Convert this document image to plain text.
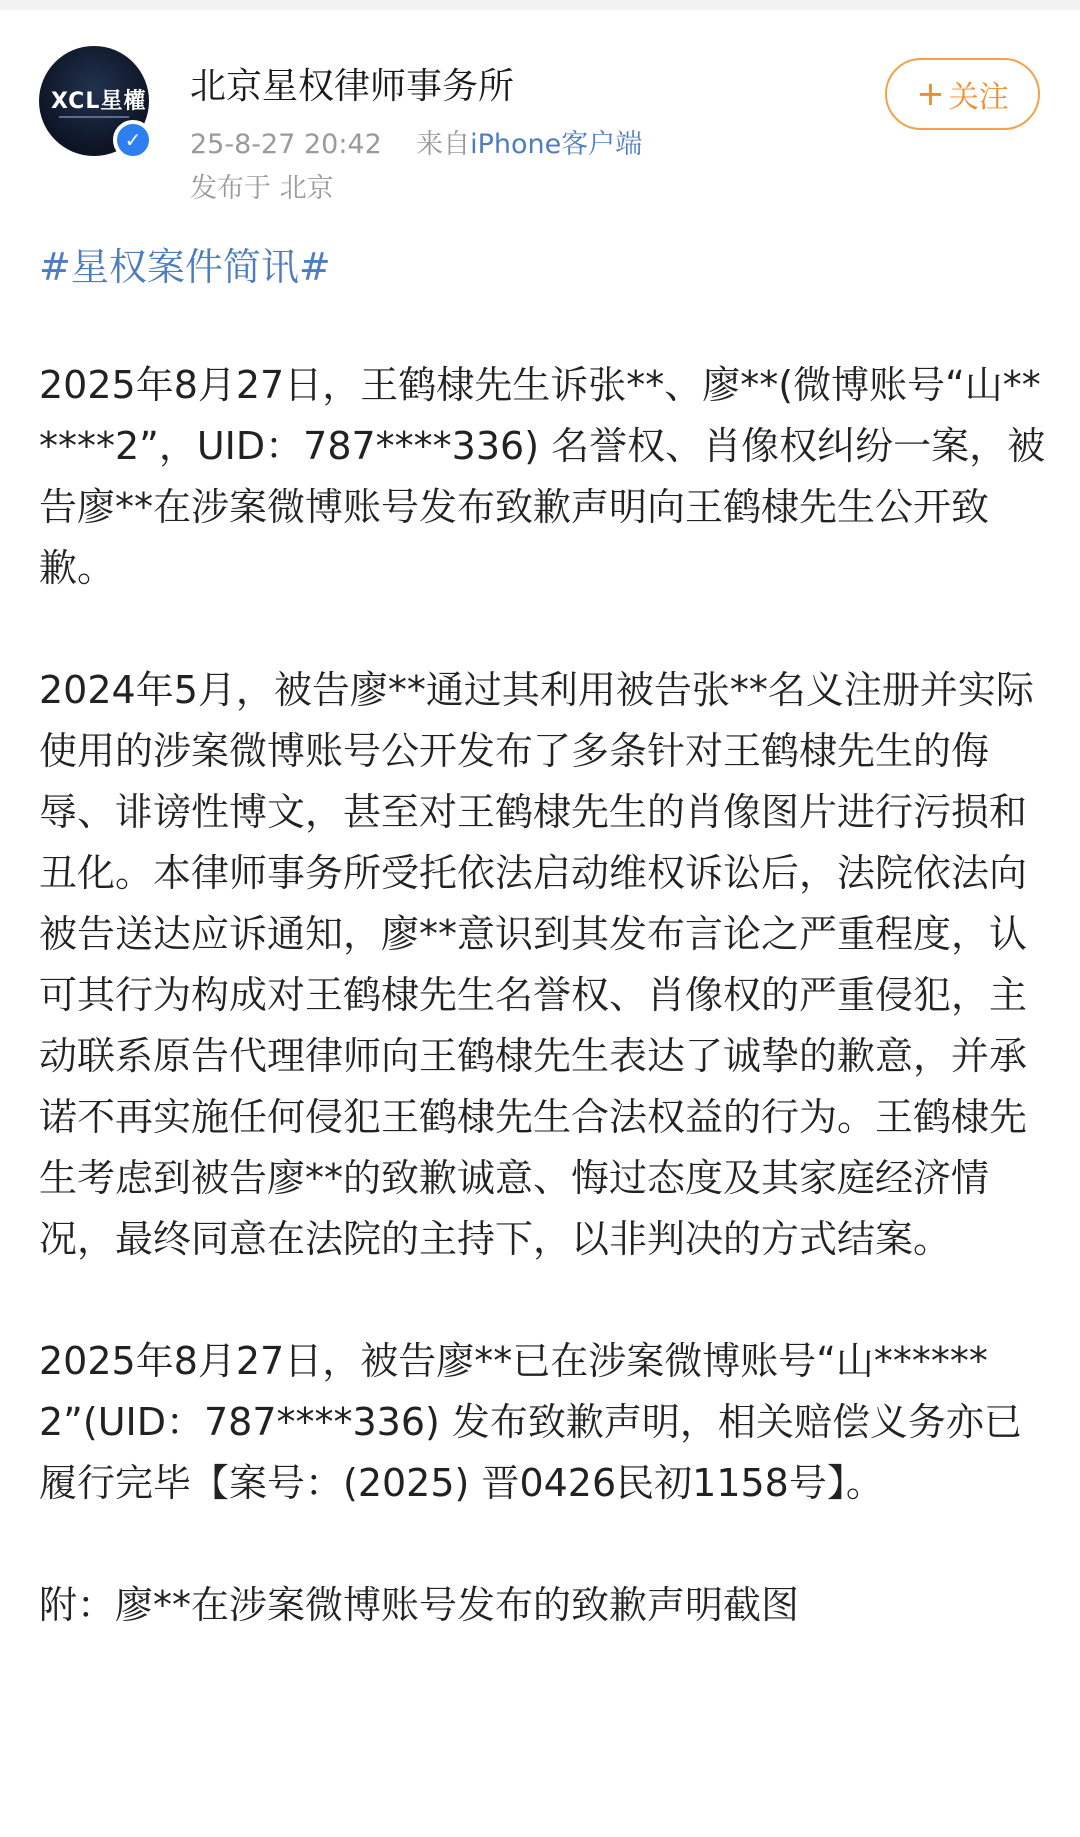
XCL星權
✓
北京星权律师事务所
25-8-27 20:42 来自iPhone客户端
发布于 北京
+ 关注
#星权案件简讯#

2025年8月27日，王鹤棣先生诉张**、廖**(微博账号“山******2”，UID：787****336) 名誉权、肖像权纠纷一案，被告廖**在涉案微博账号发布致歉声明向王鹤棣先生公开致歉。

2024年5月，被告廖**通过其利用被告张**名义注册并实际使用的涉案微博账号公开发布了多条针对王鹤棣先生的侮辱、诽谤性博文，甚至对王鹤棣先生的肖像图片进行污损和丑化。本律师事务所受托依法启动维权诉讼后，法院依法向被告送达应诉通知，廖**意识到其发布言论之严重程度，认可其行为构成对王鹤棣先生名誉权、肖像权的严重侵犯，主动联系原告代理律师向王鹤棣先生表达了诚挚的歉意，并承诺不再实施任何侵犯王鹤棣先生合法权益的行为。王鹤棣先生考虑到被告廖**的致歉诚意、悔过态度及其家庭经济情况，最终同意在法院的主持下，以非判决的方式结案。

2025年8月27日，被告廖**已在涉案微博账号“山******2”(UID：787****336) 发布致歉声明，相关赔偿义务亦已履行完毕【案号：(2025) 晋0426民初1158号】。

附：廖**在涉案微博账号发布的致歉声明截图
